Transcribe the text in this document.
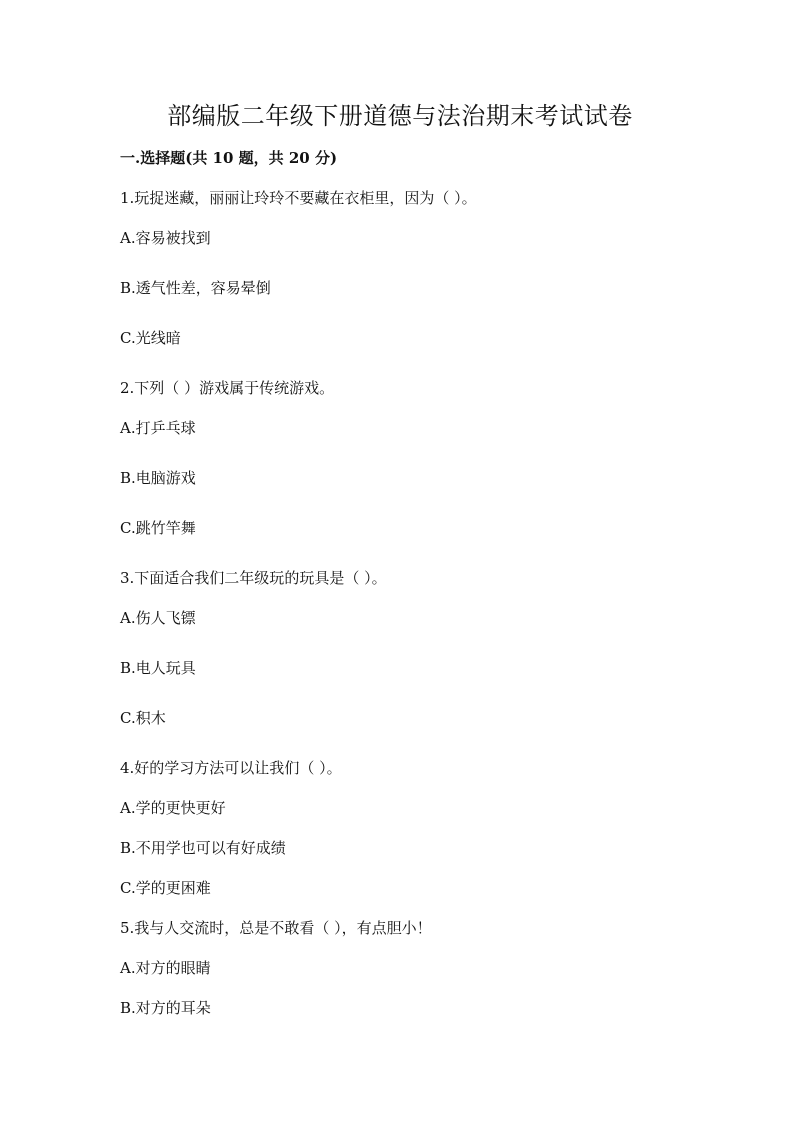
部编版二年级下册道德与法治期末考试试卷
一.选择题(共 10 题，共 20 分)
1.玩捉迷藏，丽丽让玲玲不要藏在衣柜里，因为（ ）。
A.容易被找到
B.透气性差，容易晕倒
C.光线暗
2.下列（ ）游戏属于传统游戏。
A.打乒乓球
B.电脑游戏
C.跳竹竿舞
3.下面适合我们二年级玩的玩具是（ ）。
A.伤人飞镖
B.电人玩具
C.积木
4.好的学习方法可以让我们（ ）。
A.学的更快更好
B.不用学也可以有好成绩
C.学的更困难
5.我与人交流时，总是不敢看（ ），有点胆小！
A.对方的眼睛
B.对方的耳朵
